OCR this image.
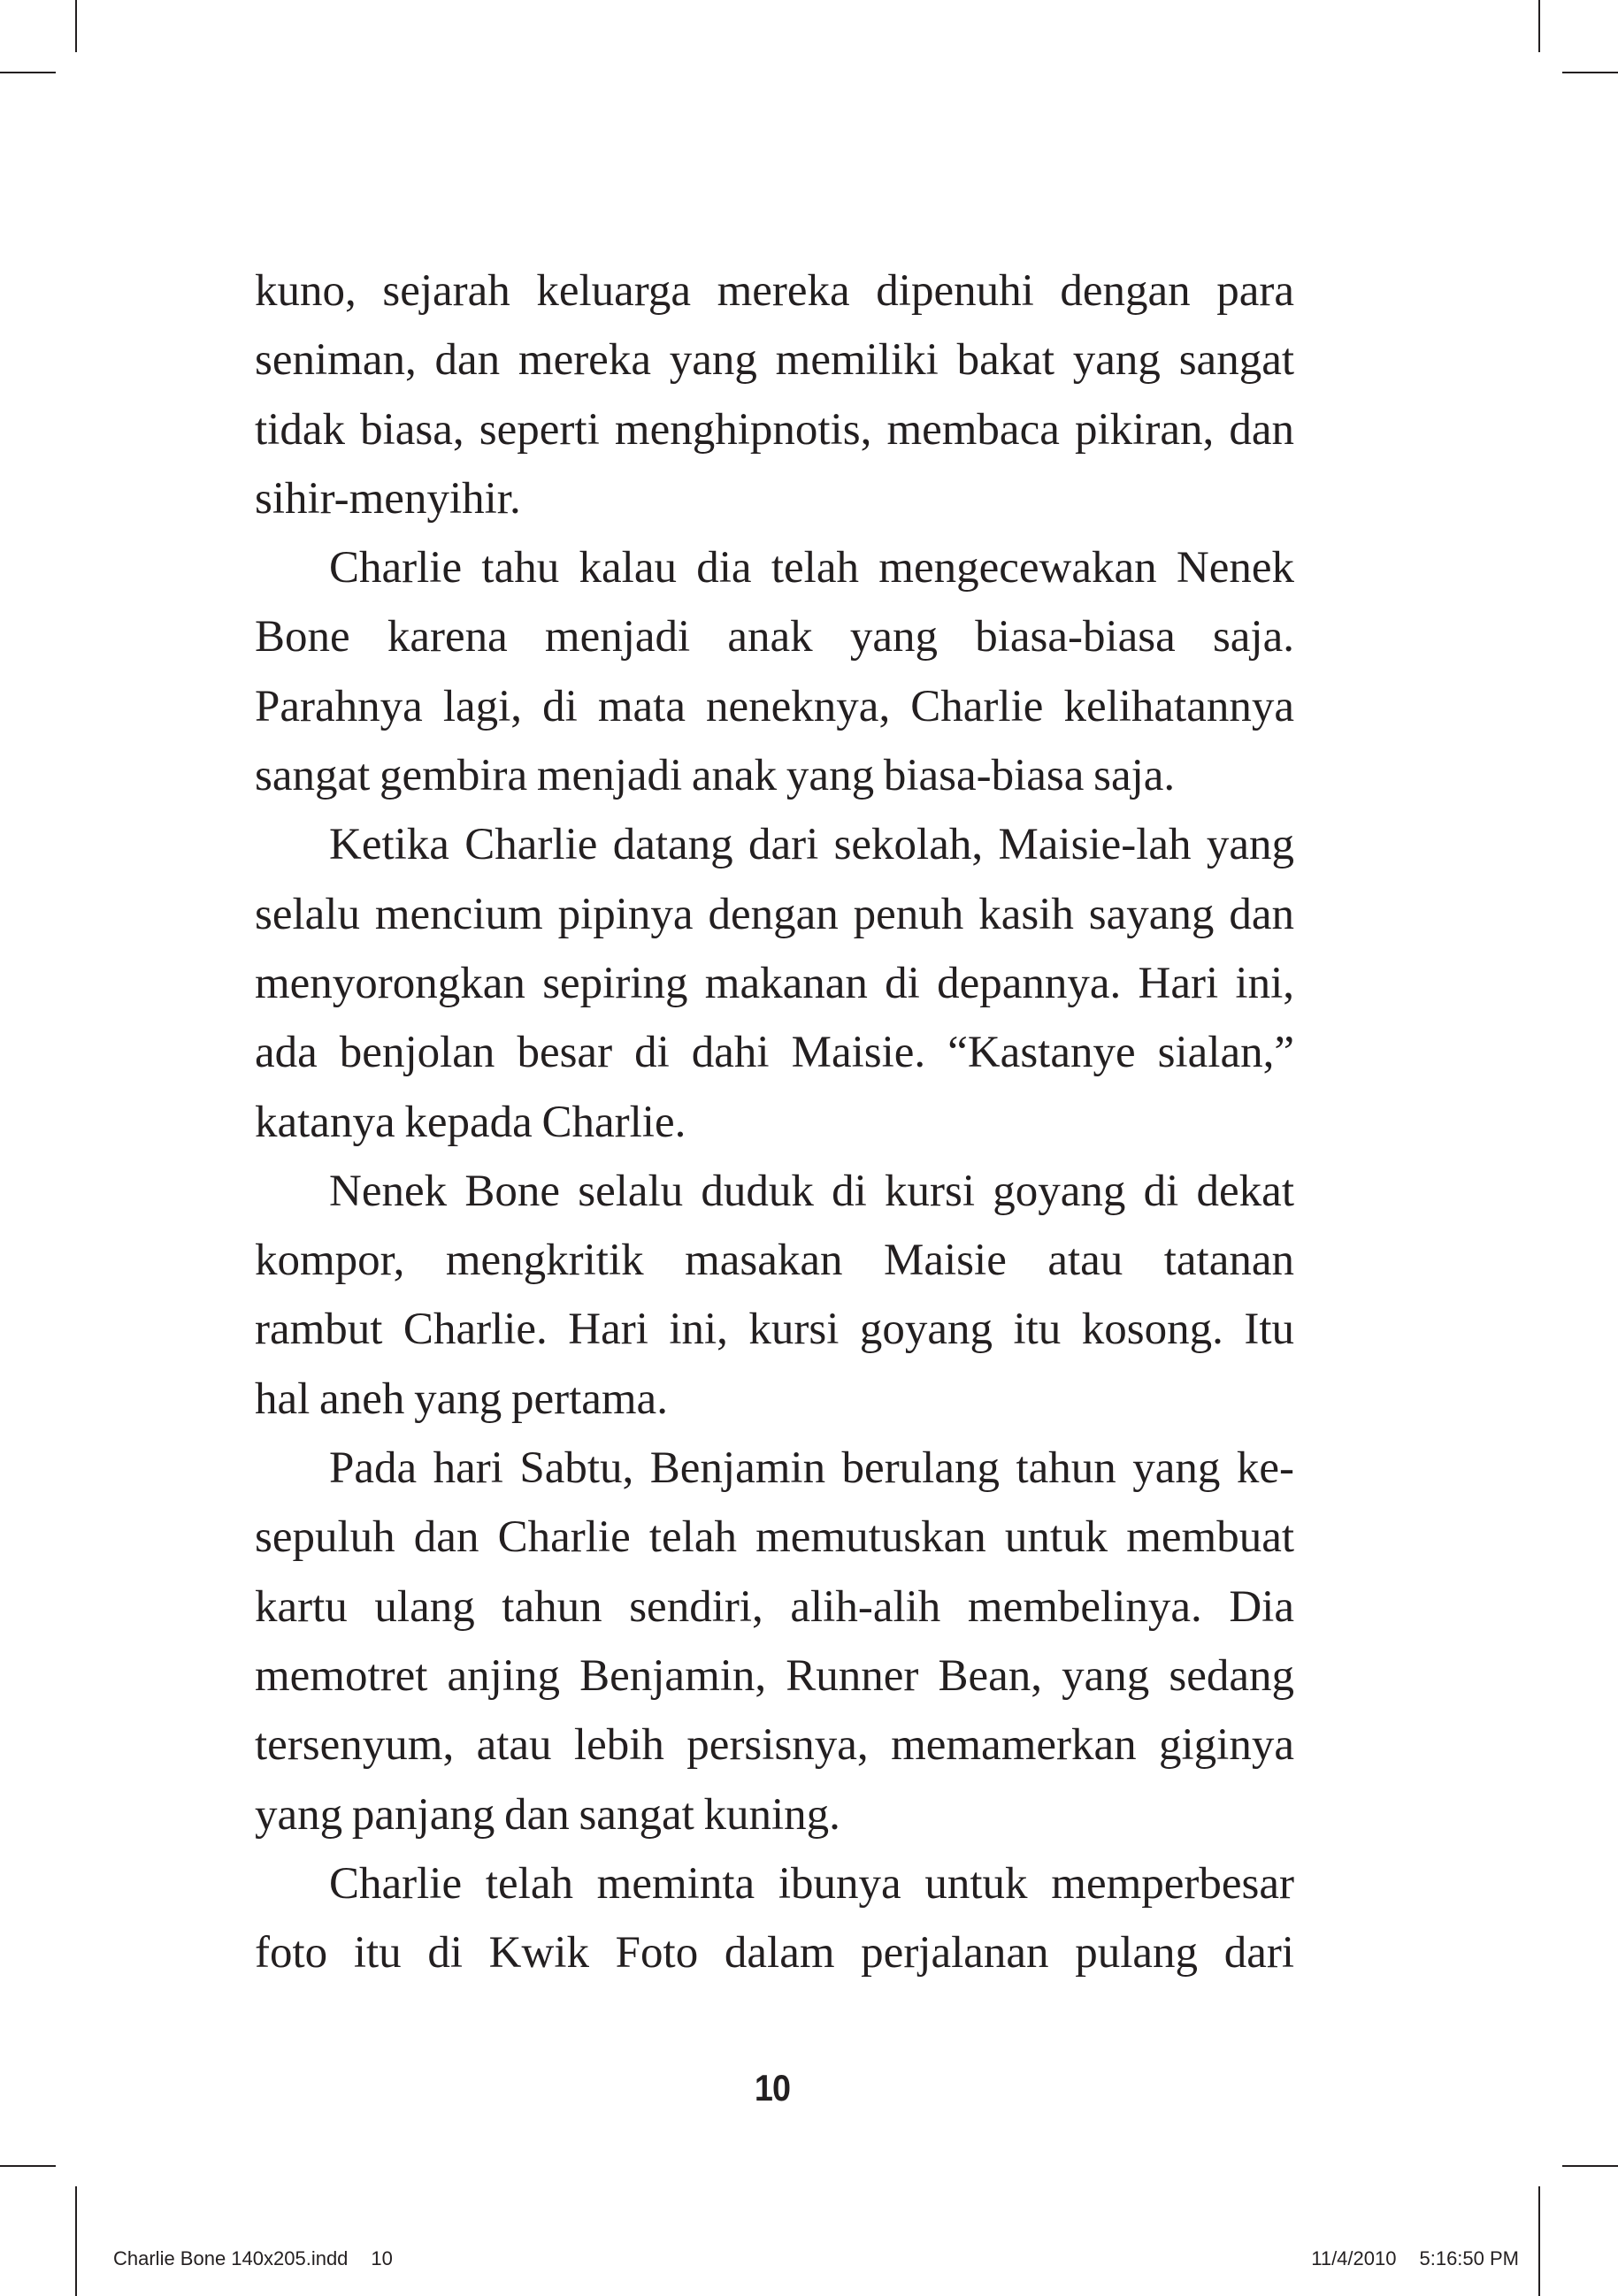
kuno, sejarah keluarga mereka dipenuhi dengan para
seniman, dan mereka yang memiliki bakat yang sangat
tidak biasa, seperti menghipnotis, membaca pikiran, dan
sihir-menyihir.
Charlie tahu kalau dia telah mengecewakan Nenek
Bone karena menjadi anak yang biasa-biasa saja.
Parahnya lagi, di mata neneknya, Charlie kelihatannya
sangat gembira menjadi anak yang biasa-biasa saja.
Ketika Charlie datang dari sekolah, Maisie-lah yang
selalu mencium pipinya dengan penuh kasih sayang dan
menyorongkan sepiring makanan di depannya. Hari ini,
ada benjolan besar di dahi Maisie. “Kastanye sialan,”
katanya kepada Charlie.
Nenek Bone selalu duduk di kursi goyang di dekat
kompor, mengkritik masakan Maisie atau tatanan
rambut Charlie. Hari ini, kursi goyang itu kosong. Itu
hal aneh yang pertama.
Pada hari Sabtu, Benjamin berulang tahun yang ke-
sepuluh dan Charlie telah memutuskan untuk membuat
kartu ulang tahun sendiri, alih-alih membelinya. Dia
memotret anjing Benjamin, Runner Bean, yang sedang
tersenyum, atau lebih persisnya, memamerkan giginya
yang panjang dan sangat kuning.
Charlie telah meminta ibunya untuk memperbesar
foto itu di Kwik Foto dalam perjalanan pulang dari
10
Charlie Bone 140x205.indd 10	11/4/2010 5:16:50 PM
